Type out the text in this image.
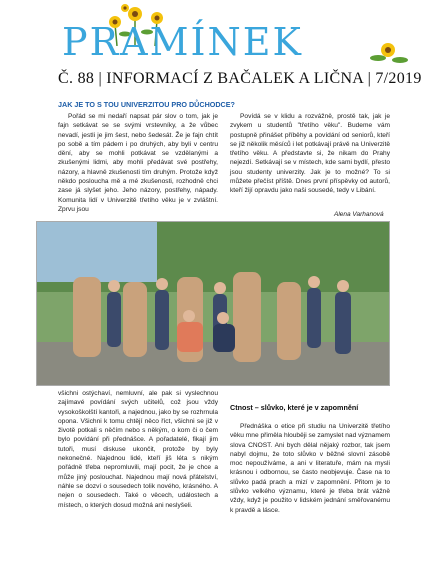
PRAMÍNEK
Č. 88 | INFORMACÍ Z BAČALEK A LIČNA | 7/2019
JAK JE TO S TOU UNIVERZITOU PRO DŮCHODCE?

Pořád se mi nedaří napsat pár slov o tom, jak je fajn setkávat se se svými vrstevníky, a že vůbec nevadí, jestli je jim šest, nebo šedesát. Že je fajn chtít po sobě a tím pádem i po druhých, aby byli v centru dění, aby se mohli potkávat se vzdělanými a zkušenými lidmi, aby mohli předávat své postřehy, názory, a hlavně zkušenosti tím druhým. Protože když někdo posloucha mě a mé zkušenosti, rozhodně chci zase já slyšet jeho. Jeho názory, postřehy, nápady. Komunita lidí v Univerzitě třetího věku je v zvláštní. Zprvu jsou

Povídá se v klidu a rozvážně, prostě tak, jak je zvykem u studentů "třetího věku". Budeme vám postupně přinášet příběhy a povídání od seniorů, kteří se již několik měsíců i let potkávají právě na Univerzitě třetího věku. A představte si, že nikam do Prahy nejezdí. Setkávají se v místech, kde sami bydlí, přesto jsou studenty univerzity. Jak je to možné? To si můžete přečíst příště. Dnes první příspěvky od autorů, kteří žijí opravdu jako naši sousedé, tedy v Libání.

Alena Varhanová

všichni ostýchaví, nemluvní, ale pak si vyslechnou zajímavé povídání svých učitelů, což jsou vždy vysokoškolští kantoři, a najednou, jako by se rozhrnula opona. Všichni k tomu chtějí něco říct, všichni se již v životě potkali s něčím nebo s někým, o kom či o čem bylo povídání při přednášce. A pořadatelé, fikají jim tutoři, musí diskuse ukončit, protože by byly nekonečné. Najednou lidé, kteří jiš léta s nikým pořádně třeba nepromluvili, mají pocit, že je chce a může jiný poslouchat. Najednou mají nová přátelství, náhle se dozví o sousedech tolik nového, krásného. A nejen o sousedech. Také o věcech, událostech a místech, o kterých dosud možná ani neslyšeli.

Ctnost – slůvko, které je v zapomnění

Přednáška o etice při studiu na Univerzitě třetího věku mne přiměla hlouběji se zamyslet nad významem slova CNOST. Ani bych dělal nějaký rozbor, tak jsem nabyl dojmu, že toto slůvko v běžné slovní zásobě moc nepoužíváme, a ani v literatuře, mám na mysli krásnou i odbornou, se často neobjevuje. Čase na to slůvko padá prach a mizí v zapomnění. Přitom je to slůvko velkého významu, které je třeba brát vážně vždy, když je použito v lidském jednání směřovanému k pravdě a lásce.
